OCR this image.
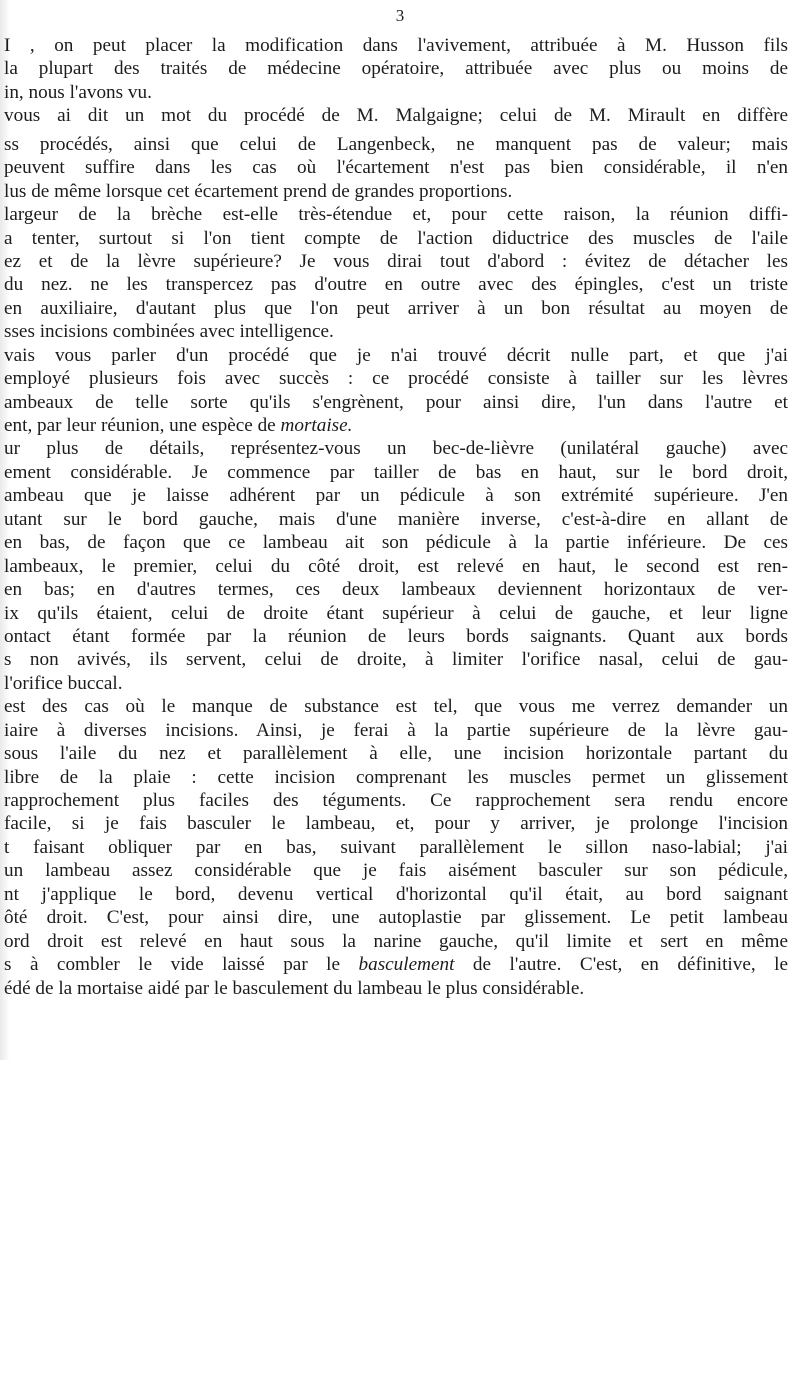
3
I , on peut placer la modification dans l'avivement, attribuée à M. Husson fils
la plupart des traités de médecine opératoire, attribuée avec plus ou moins de
in, nous l'avons vu.
vous ai dit un mot du procédé de M. Malgaigne; celui de M. Mirault en diffère
ss procédés, ainsi que celui de Langenbeck, ne manquent pas de valeur; mais
peuvent suffire dans les cas où l'écartement n'est pas bien considérable, il n'en
lus de même lorsque cet écartement prend de grandes proportions.
largeur de la brèche est-elle très-étendue et, pour cette raison, la réunion diffi-
a tenter, surtout si l'on tient compte de l'action diductrice des muscles de l'aile
ez et de la lèvre supérieure? Je vous dirai tout d'abord : évitez de détacher les
du nez. ne les transpercez pas d'outre en outre avec des épingles, c'est un triste
en auxiliaire, d'autant plus que l'on peut arriver à un bon résultat au moyen de
sses incisions combinées avec intelligence.
vais vous parler d'un procédé que je n'ai trouvé décrit nulle part, et que j'ai
employé plusieurs fois avec succès : ce procédé consiste à tailler sur les lèvres
ambeaux de telle sorte qu'ils s'engrènent, pour ainsi dire, l'un dans l'autre et
ent, par leur réunion, une espèce de mortaise.
ur plus de détails, représentez-vous un bec-de-lièvre (unilatéral gauche) avec
ement considérable. Je commence par tailler de bas en haut, sur le bord droit,
ambeau que je laisse adhérent par un pédicule à son extrémité supérieure. J'en
utant sur le bord gauche, mais d'une manière inverse, c'est-à-dire en allant de
en bas, de façon que ce lambeau ait son pédicule à la partie inférieure. De ces
lambeaux, le premier, celui du côté droit, est relevé en haut, le second est ren-
en bas; en d'autres termes, ces deux lambeaux deviennent horizontaux de ver-
ix qu'ils étaient, celui de droite étant supérieur à celui de gauche, et leur ligne
ontact étant formée par la réunion de leurs bords saignants. Quant aux bords
s non avivés, ils servent, celui de droite, à limiter l'orifice nasal, celui de gau-
l'orifice buccal.
est des cas où le manque de substance est tel, que vous me verrez demander un
iaire à diverses incisions. Ainsi, je ferai à la partie supérieure de la lèvre gau-
sous l'aile du nez et parallèlement à elle, une incision horizontale partant du
libre de la plaie : cette incision comprenant les muscles permet un glissement
rapprochement plus faciles des téguments. Ce rapprochement sera rendu encore
facile, si je fais basculer le lambeau, et, pour y arriver, je prolonge l'incision
t faisant obliquer par en bas, suivant parallèlement le sillon naso-labial; j'ai
un lambeau assez considérable que je fais aisément basculer sur son pédicule,
nt j'applique le bord, devenu vertical d'horizontal qu'il était, au bord saignant
ôté droit. C'est, pour ainsi dire, une autoplastie par glissement. Le petit lambeau
ord droit est relevé en haut sous la narine gauche, qu'il limite et sert en même
s à combler le vide laissé par le basculement de l'autre. C'est, en définitive, le
édé de la mortaise aidé par le basculement du lambeau le plus considérable.
